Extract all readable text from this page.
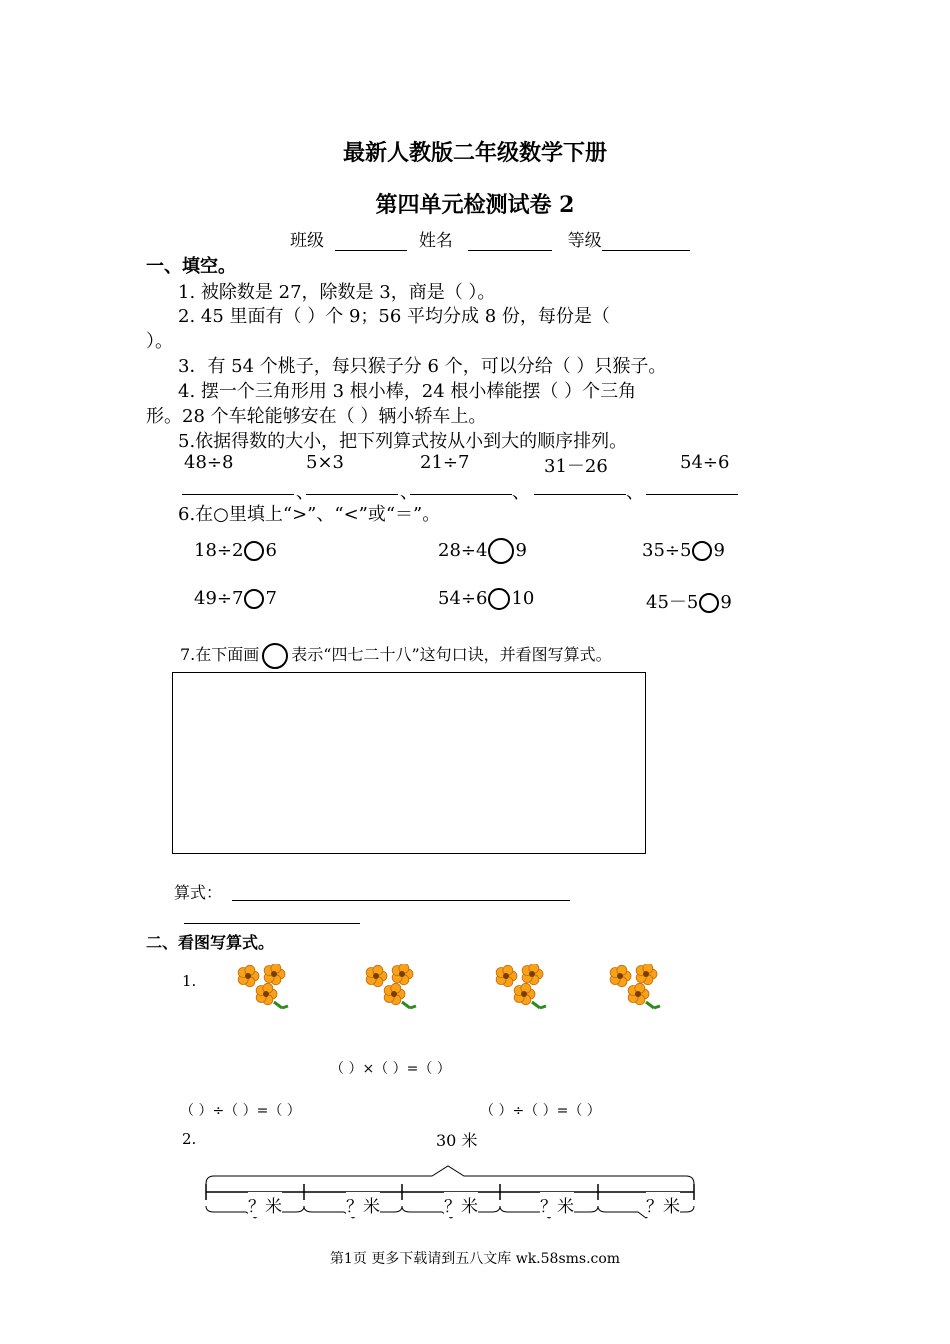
最新人教版二年级数学下册
第四单元检测试卷 2
班级	姓名	等级
一、填空。
1. 被除数是 27，除数是 3，商是（ ）。
2. 45 里面有（ ）个 9；56 平均分成 8 份，每份是（
）。
3．有 54 个桃子，每只猴子分 6 个，可以分给（ ）只猴子。
4. 摆一个三角形用 3 根小棒，24 根小棒能摆（ ）个三角
形。28 个车轮能够安在（ ）辆小轿车上。
5.依据得数的大小，把下列算式按从小到大的顺序排列。
48÷8	5×3	21÷7	31－26	54÷6
、	、	、	、
6.在○里填上“>”、“<”或“＝”。
18÷2 6	28÷4 9	35÷5 9
49÷7 7	54÷6 10	45－5 9
7.在下面画 表示“四七二十八”这句口诀，并看图写算式。
算式：
二、看图写算式。
1.
（ ）×（ ）=（ ）
（ ）÷（ ）=（ ）	（ ）÷（ ）=（ ）
2.	30 米
？米	？米	？米	？米	？米
第1页 更多下载请到五八文库 wk.58sms.com
